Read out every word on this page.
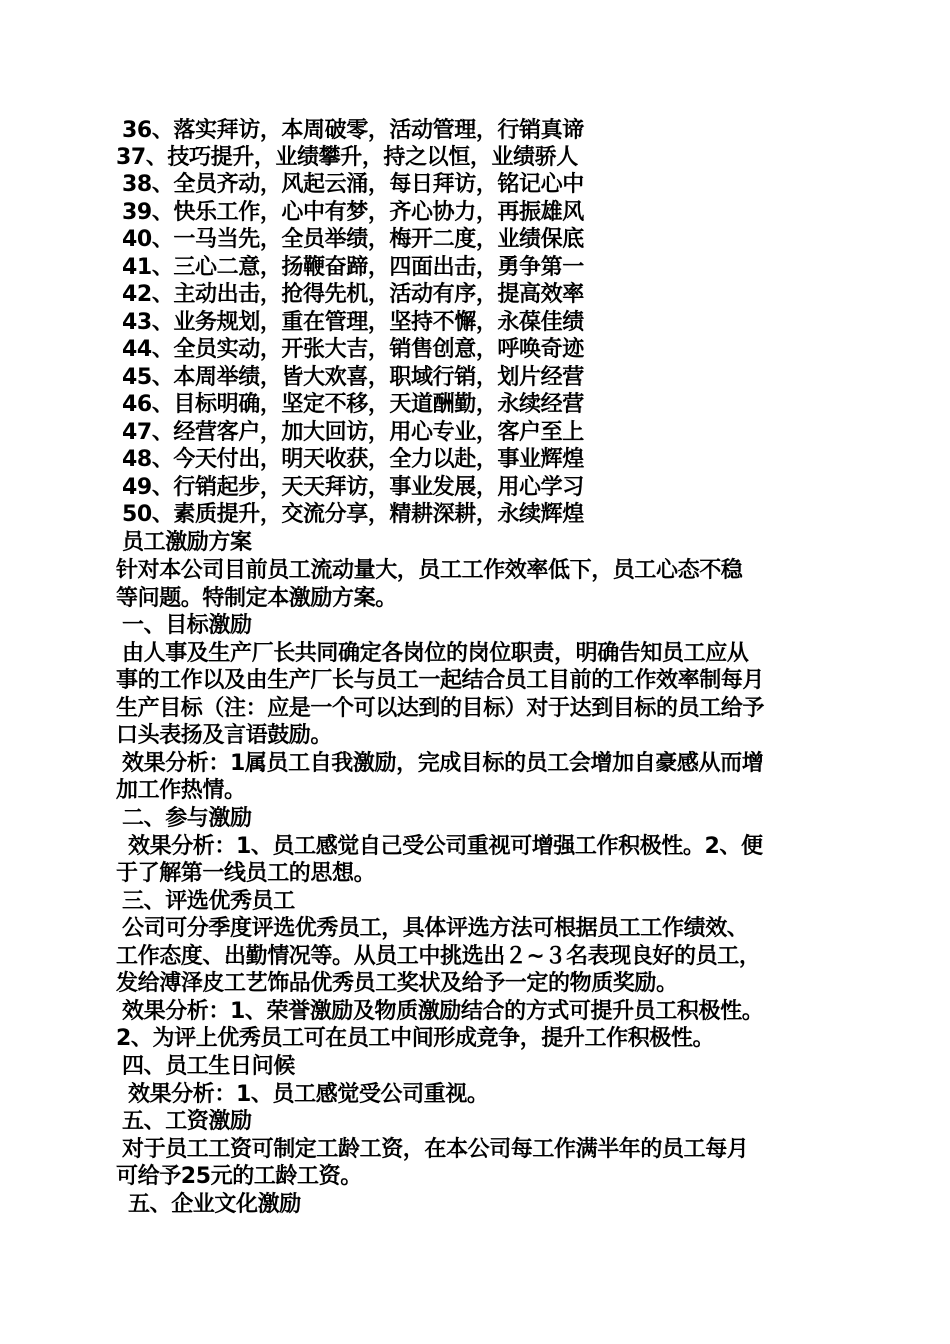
36、落实拜访，本周破零，活动管理，行销真谛
37、技巧提升，业绩攀升，持之以恒，业绩骄人
38、全员齐动，风起云涌，每日拜访，铭记心中
39、快乐工作，心中有梦，齐心协力，再振雄风
40、一马当先，全员举绩，梅开二度，业绩保底
41、三心二意，扬鞭奋蹄，四面出击，勇争第一
42、主动出击，抢得先机，活动有序，提高效率
43、业务规划，重在管理，坚持不懈，永葆佳绩
44、全员实动，开张大吉，销售创意，呼唤奇迹
45、本周举绩，皆大欢喜，职域行销，划片经营
46、目标明确，坚定不移，天道酬勤，永续经营
47、经营客户，加大回访，用心专业，客户至上
48、今天付出，明天收获，全力以赴，事业辉煌
49、行销起步，天天拜访，事业发展，用心学习
50、素质提升，交流分享，精耕深耕，永续辉煌
员工激励方案
针对本公司目前员工流动量大，员工工作效率低下，员工心态不稳
等问题。特制定本激励方案。
一、目标激励
由人事及生产厂长共同确定各岗位的岗位职责，明确告知员工应从
事的工作以及由生产厂长与员工一起结合员工目前的工作效率制每月
生产目标（注：应是一个可以达到的目标）对于达到目标的员工给予
口头表扬及言语鼓励。
效果分析：1属员工自我激励，完成目标的员工会增加自豪感从而增
加工作热情。
二、参与激励
效果分析：1、员工感觉自己受公司重视可增强工作积极性。2、便
于了解第一线员工的思想。
三、评选优秀员工
公司可分季度评选优秀员工，具体评选方法可根据员工工作绩效、
工作态度、出勤情况等。从员工中挑选出２~３名表现良好的员工，
发给溥泽皮工艺饰品优秀员工奖状及给予一定的物质奖励。
效果分析：1、荣誉激励及物质激励结合的方式可提升员工积极性。
2、为评上优秀员工可在员工中间形成竞争，提升工作积极性。
四、员工生日问候
效果分析：1、员工感觉受公司重视。
五、工资激励
对于员工工资可制定工龄工资，在本公司每工作满半年的员工每月
可给予25元的工龄工资。
五、企业文化激励
